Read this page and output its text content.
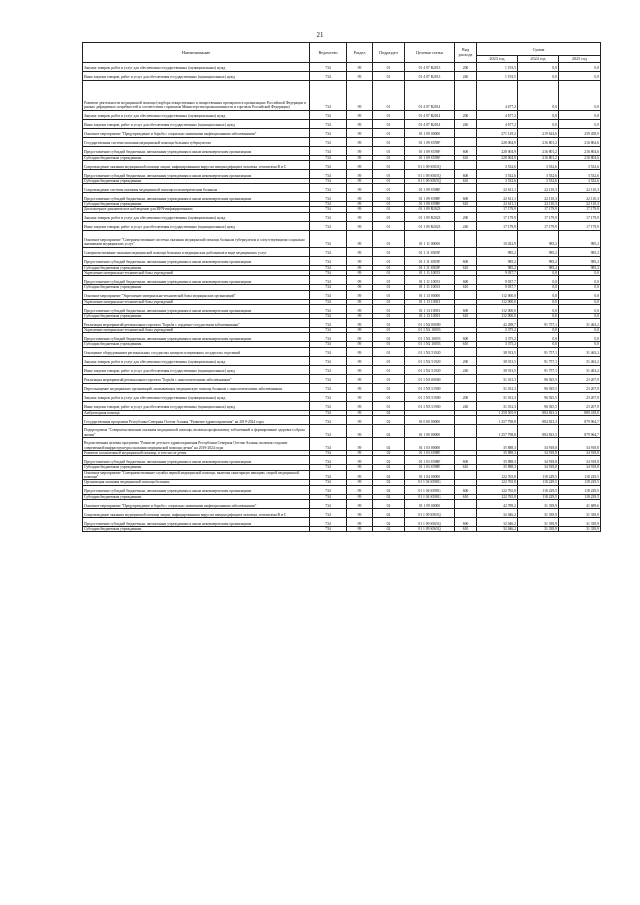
21
Наименование	Ведомство	Раздел	Подраздел	Целевая статья	Вид расхода	Сумма		
						2023 год	2024 год	2025 год
Закупка товаров, работ и услуг для обеспечения государственных (муниципальных) нужд	734	09	01	01 4 07 R2013	200	1 193,5	0,0	0,0
Иные закупки товаров, работ и услуг для обеспечения государственных (муниципальных) нужд	734	09	01	01 4 07 R2013	240	1 193,5	0,0	0,0
Развитие деятельности медицинской помощи (подбора лекарственных и лекарственных препаратов в организациях Российской Федерации в рамках дефицитных потребностей и соответствии с приказом Министерства промышленности и торговли Российской Федерации)	734	09	01	01 4 07 R2014		4 677,2	0,0	0,0
Закупка товаров, работ и услуг для обеспечения государственных (муниципальных) нужд	734	09	01	01 4 07 R2014	200	4 677,2	0,0	0,0
Иные закупки товаров, работ и услуг для обеспечения государственных (муниципальных) нужд	734	09	01	01 4 07 R2014	240	4 677,2	0,0	0,0
Основное мероприятие "Предупреждение и борьба с социально значимыми инфекционными заболеваниями"	734	09	01	01 1 09 00000		271 129,2	219 624,6	239 458,9
Государственная система оказания медицинской помощи больным туберкулезом	734	09	01	01 1 09 S559F		228 004,9	216 801,2	216 804,6
Предоставление субсидий бюджетным, автономным учреждениям и иным некоммерческим организациям	734	09	01	01 1 09 S559F	600	228 004,9	216 801,2	216 804,6
Субсидии бюджетным учреждениям	734	09	01	01 1 09 S559F	610	228 004,9	216 801,2	216 804,6
Сопровождение оказания медицинской помощи лицам, инфицированным вирусом иммунодефицита человека, гепатитами B и C	734	09	01	01 1 09 S565Q		3 532,6	3 532,6	3 532,6
Предоставление субсидий бюджетным, автономным учреждениям и иным некоммерческим организациям	734	09	01	01 1 09 S565Q	600	3 532,6	3 532,6	3 532,6
Субсидии бюджетным учреждениям	734	09	01	01 1 09 S565Q	610	3 532,6	3 532,6	3 532,6
Сопровождение системы оказания медицинской помощи психиатрическим больным	734	09	01	01 1 09 S598F		22 611,1	22 110,3	22 110,3
Предоставление субсидий бюджетным, автономным учреждениям и иным некоммерческим организациям	734	09	01	01 1 09 S598F	600	22 611,1	22 110,3	22 110,3
Субсидии бюджетным учреждениям	734	09	01	01 1 09 S598F	610	22 611,1	22 110,3	22 110,3
Диспансерное динамическое наблюдение для ВИЧ-инфицированных	734	09	01	01 1 09 R2023		17 179,9	17 179,9	17 179,9
Закупка товаров, работ и услуг для обеспечения государственных (муниципальных) нужд	734	09	01	01 1 09 R2023	200	17 179,9	17 179,9	17 179,9
Иные закупки товаров, работ и услуг для обеспечения государственных (муниципальных) нужд	734	09	01	01 1 09 R2023	240	17 179,9	17 179,9	17 179,9
Основное мероприятие "Совершенствование системы оказания медицинской помощи больным туберкулезом и сопутствующими социально значимыми медицинских услуг"	734	09	01	01 1 11 00000		10 022,9	985,2	985,2
Совершенствование оказания медицинской помощи больным и медицинских работников в виде медицинских услуг	734	09	01	01 1 11 S505F		985,2	985,2	985,2
Предоставление субсидий бюджетным, автономным учреждениям и иным некоммерческим организациям	734	09	01	01 1 11 S505F	600	985,2	985,2	985,2
Субсидии бюджетным учреждениям	734	09	01	01 1 11 S505F	610	985,2	985,2	985,2
Укрепление материально-технической базы учреждений	734	09	01	01 1 11 10053		9 037,7	0,0	0,0
Предоставление субсидий бюджетным, автономным учреждениям и иным некоммерческим организациям	734	09	01	01 1 11 10053	600	9 037,7	0,0	0,0
Субсидии бюджетным учреждениям	734	09	01	01 1 11 10053	610	9 037,7	0,0	0,0
Основное мероприятие "Укрепление материально-технической базы медицинских организаций"	734	09	01	01 1 13 00000		112 000,0	0,0	0,0
Укрепление материально-технической базы учреждений	734	09	01	01 1 13 10053		112 000,0	0,0	0,0
Предоставление субсидий бюджетным, автономным учреждениям и иным некоммерческим организациям	734	09	01	01 1 13 10053	600	112 000,0	0,0	0,0
Субсидии бюджетным учреждениям	734	09	01	01 1 13 10053	610	112 000,0	0,0	0,0
Реализация мероприятий регионального проекта "Борьба с сердечно-сосудистыми заболеваниями"	734	09	01	01 1 N2 00000		42 288,7	91 757,1	31 463,2
Укрепление материально-технической базы учреждений	734	09	01	01 1 N2 10053		3 375,2	0,0	0,0
Предоставление субсидий бюджетным, автономным учреждениям и иным некоммерческим организациям	734	09	01	01 1 N2 10053	600	3 375,2	0,0	0,0
Субсидии бюджетным учреждениям	734	09	01	01 1 N2 10053	610	3 375,2	0,0	0,0
Оснащение оборудованием региональных сосудистых центров и первичных сосудистых отделений	734	09	01	01 1 N2 51920		38 913,5	91 757,1	31 463,2
Закупка товаров, работ и услуг для обеспечения государственных (муниципальных) нужд	734	09	01	01 1 N2 51920	200	38 913,5	91 757,1	31 463,2
Иные закупки товаров, работ и услуг для обеспечения государственных (муниципальных) нужд	734	09	01	01 1 N2 51920	240	38 913,5	91 757,1	31 463,2
Реализация мероприятий регионального проекта "Борьба с онкологическими заболеваниями"	734	09	01	01 1 N3 00000		31 012,3	96 925,5	23 207,9
Переоснащение медицинских организаций, оказывающих медицинскую помощь больным с онкологическими заболеваниями	734	09	01	01 1 N3 51900		31 012,3	96 925,5	23 207,9
Закупка товаров, работ и услуг для обеспечения государственных (муниципальных) нужд	734	09	01	01 1 N3 51900	200	31 012,3	96 925,5	23 207,9
Иные закупки товаров, работ и услуг для обеспечения государственных (муниципальных) нужд	734	09	01	01 1 N3 51900	240	31 012,3	96 925,5	23 207,9
Амбулаторная помощь	734	09	02			1 258 505,9	884 823,3	880 418,0
Государственная программа Республики Северная Осетия-Алания "Развитие здравоохранения" на 2019-2024 годы	734	09	02	01 0 00 00000		1 257 798,8	884 823,3	879 964,7
Подпрограмма "Совершенствование оказания медицинской помощи, включая профилактику заболеваний и формирование здорового образа жизни"	734	09	02	01 1 00 00000		1 257 798,8	884 823,3	879 964,7
Ведомственная целевая программа "Развитие детского здравоохранения Республики Северная Осетия-Алания, включая создание современной инфраструктуры оказания медицинской помощи детям" на 2019-2024 годы	734	09	02	01 1 03 00000		35 888,3	34 918,8	34 918,8
Развитие паллиативной медицинской помощи, в том числе детям	734	09	02	01 1 03 S598F		35 888,3	34 918,8	34 918,8
Предоставление субсидий бюджетным, автономным учреждениям и иным некоммерческим организациям	734	09	02	01 1 03 S598F	600	35 888,3	34 918,8	34 918,8
Субсидии бюджетным учреждениям	734	09	02	01 1 03 S598F	610	35 888,3	34 918,8	34 918,8
Основное мероприятие "Совершенствование службы первой медицинской помощи, включая санитарную авиацию, скорой медицинской помощи"	734	09	02	01 1 04 00000		122 765,8	118 229,5	118 229,5
Организация оказания медицинской помощи больным	734	09	02	01 1 04 S598G		122 765,8	118 229,5	118 229,5
Предоставление субсидий бюджетным, автономным учреждениям и иным некоммерческим организациям	734	09	02	01 1 04 S598G	600	122 765,8	118 229,5	118 229,5
Субсидии бюджетным учреждениям	734	09	02	01 1 04 S598G	610	122 765,8	118 229,5	118 229,5
Основное мероприятие "Предупреждение и борьба с социально значимыми инфекционными заболеваниями"	734	09	02	01 1 09 00000		42 789,2	31 339,9	41 689,6
Сопровождение оказания медицинской помощи лицам, инфицированным вирусом иммунодефицита человека, гепатитами B и C	734	09	02	01 1 09 S565Q		32 046,2	31 339,9	31 339,9
Предоставление субсидий бюджетным, автономным учреждениям и иным некоммерческим организациям	734	09	02	01 1 09 S565Q	600	32 046,2	31 339,9	31 339,9
Субсидии бюджетным учреждениям	734	09	02	01 1 09 S565Q	610	32 046,2	31 339,9	31 339,9
